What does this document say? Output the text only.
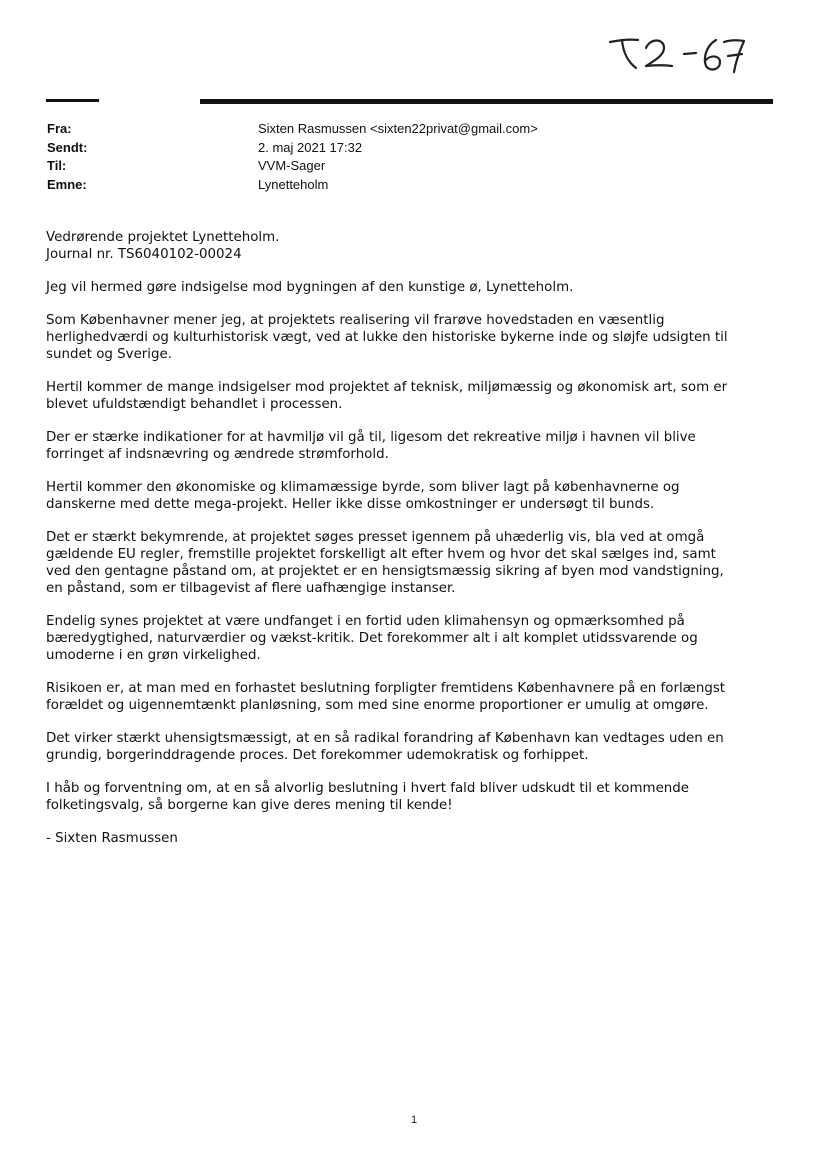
Fra:	Sixten Rasmussen <sixten22privat@gmail.com>
Sendt:	2. maj 2021 17:32
Til:	VVM-Sager
Emne:	Lynetteholm

Vedrørende projektet Lynetteholm.
Journal nr. TS6040102-00024

Jeg vil hermed gøre indsigelse mod bygningen af den kunstige ø, Lynetteholm.

Som Københavner mener jeg, at projektets realisering vil frarøve hovedstaden en væsentlig
herlighedværdi og kulturhistorisk vægt, ved at lukke den historiske bykerne inde og sløjfe udsigten til
sundet og Sverige.

Hertil kommer de mange indsigelser mod projektet af teknisk, miljømæssig og økonomisk art, som er
blevet ufuldstændigt behandlet i processen.

Der er stærke indikationer for at havmiljø vil gå til, ligesom det rekreative miljø i havnen vil blive
forringet af indsnævring og ændrede strømforhold.

Hertil kommer den økonomiske og klimamæssige byrde, som bliver lagt på københavnerne og
danskerne med dette mega-projekt. Heller ikke disse omkostninger er undersøgt til bunds.

Det er stærkt bekymrende, at projektet søges presset igennem på uhæderlig vis, bla ved at omgå
gældende EU regler, fremstille projektet forskelligt alt efter hvem og hvor det skal sælges ind, samt
ved den gentagne påstand om, at projektet er en hensigtsmæssig sikring af byen mod vandstigning,
en påstand, som er tilbagevist af flere uafhængige instanser.

Endelig synes projektet at være undfanget i en fortid uden klimahensyn og opmærksomhed på
bæredygtighed, naturværdier og vækst-kritik. Det forekommer alt i alt komplet utidssvarende og
umoderne i en grøn virkelighed.

Risikoen er, at man med en forhastet beslutning forpligter fremtidens Københavnere på en forlængst
forældet og uigennemtænkt planløsning, som med sine enorme proportioner er umulig at omgøre.

Det virker stærkt uhensigtsmæssigt, at en så radikal forandring af København kan vedtages uden en
grundig, borgerinddragende proces. Det forekommer udemokratisk og forhippet.

I håb og forventning om, at en så alvorlig beslutning i hvert fald bliver udskudt til et kommende
folketingsvalg, så borgerne kan give deres mening til kende!

- Sixten Rasmussen

1
